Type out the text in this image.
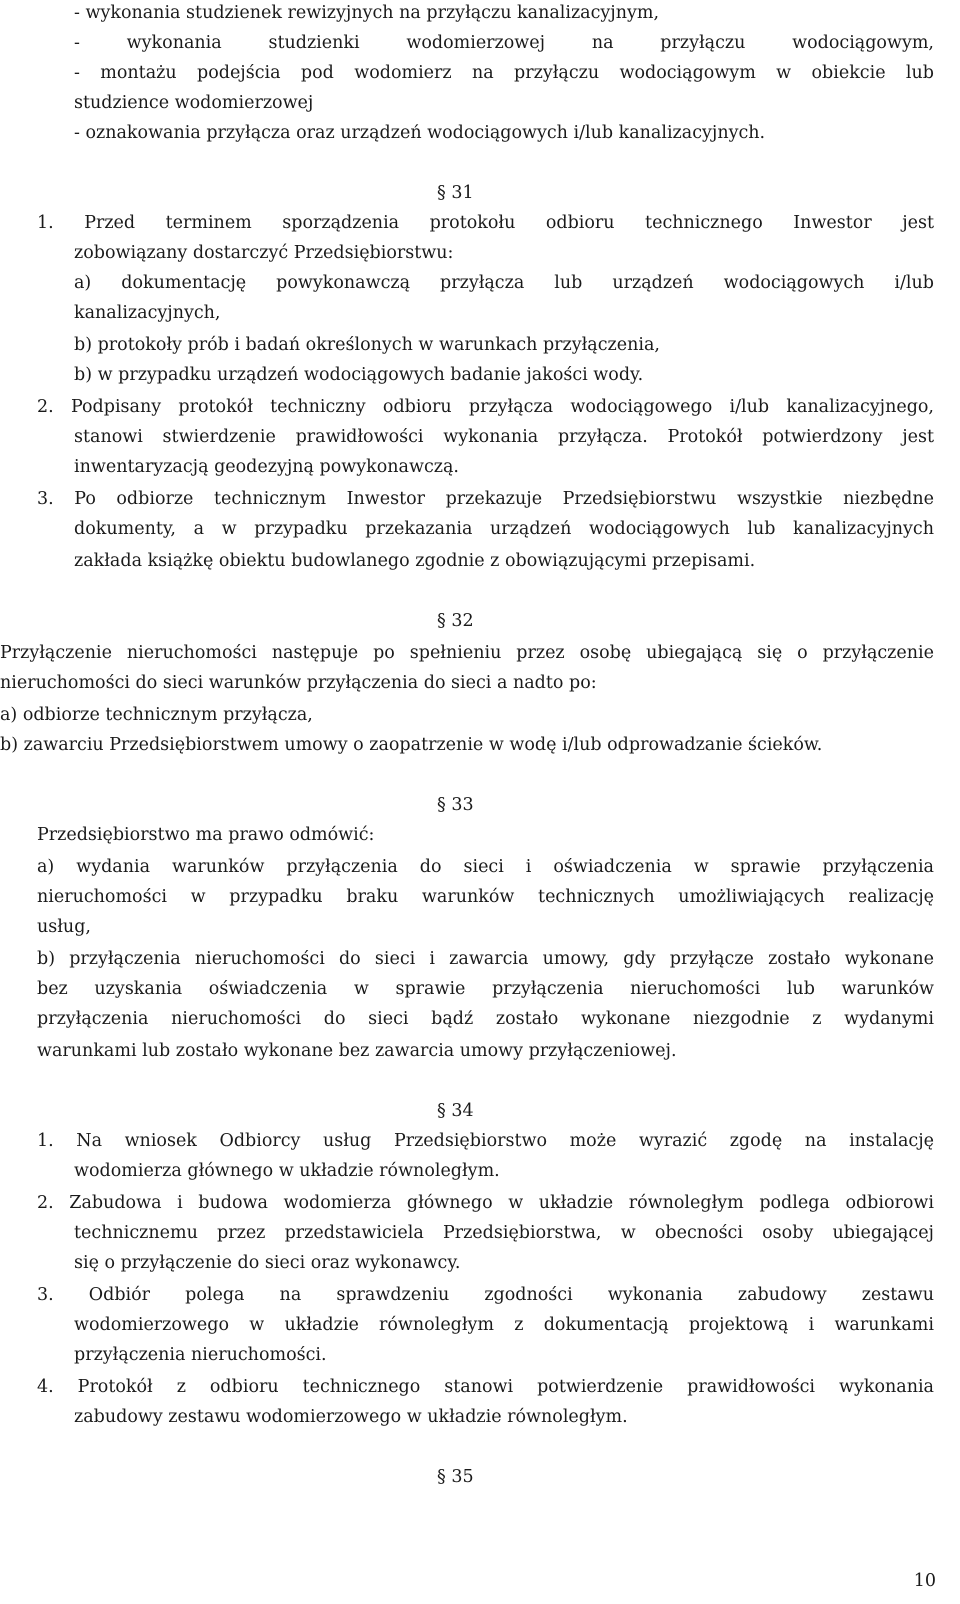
- wykonania studzienek rewizyjnych na przyłączu kanalizacyjnym,
- wykonania studzienki wodomierzowej na przyłączu wodociągowym,
- montażu podejścia pod wodomierz na przyłączu wodociągowym w obiekcie lub
studzience wodomierzowej
- oznakowania przyłącza oraz urządzeń wodociągowych i/lub kanalizacyjnych.
§ 31
1. Przed terminem sporządzenia protokołu odbioru technicznego Inwestor jest
zobowiązany dostarczyć Przedsiębiorstwu:
a) dokumentację powykonawczą przyłącza lub urządzeń wodociągowych i/lub
kanalizacyjnych,
b) protokoły prób i badań określonych w warunkach przyłączenia,
b) w przypadku urządzeń wodociągowych badanie jakości wody.
2. Podpisany protokół techniczny odbioru przyłącza wodociągowego i/lub kanalizacyjnego,
stanowi stwierdzenie prawidłowości wykonania przyłącza. Protokół potwierdzony jest
inwentaryzacją geodezyjną powykonawczą.
3. Po odbiorze technicznym Inwestor przekazuje Przedsiębiorstwu wszystkie niezbędne
dokumenty, a w przypadku przekazania urządzeń wodociągowych lub kanalizacyjnych
zakłada książkę obiektu budowlanego zgodnie z obowiązującymi przepisami.
§ 32
Przyłączenie nieruchomości następuje po spełnieniu przez osobę ubiegającą się o przyłączenie
nieruchomości do sieci warunków przyłączenia do sieci a nadto po:
a) odbiorze technicznym przyłącza,
b) zawarciu Przedsiębiorstwem umowy o zaopatrzenie w wodę i/lub odprowadzanie ścieków.
§ 33
Przedsiębiorstwo ma prawo odmówić:
a) wydania warunków przyłączenia do sieci i oświadczenia w sprawie przyłączenia
nieruchomości w przypadku braku warunków technicznych umożliwiających realizację
usług,
b) przyłączenia nieruchomości do sieci i zawarcia umowy, gdy przyłącze zostało wykonane
bez uzyskania oświadczenia w sprawie przyłączenia nieruchomości lub warunków
przyłączenia nieruchomości do sieci bądź zostało wykonane niezgodnie z wydanymi
warunkami lub zostało wykonane bez zawarcia umowy przyłączeniowej.
§ 34
1. Na wniosek Odbiorcy usług Przedsiębiorstwo może wyrazić zgodę na instalację
wodomierza głównego w układzie równoległym.
2. Zabudowa i budowa wodomierza głównego w układzie równoległym podlega odbiorowi
technicznemu przez przedstawiciela Przedsiębiorstwa, w obecności osoby ubiegającej
się o przyłączenie do sieci oraz wykonawcy.
3. Odbiór polega na sprawdzeniu zgodności wykonania zabudowy zestawu
wodomierzowego w układzie równoległym z dokumentacją projektową i warunkami
przyłączenia nieruchomości.
4. Protokół z odbioru technicznego stanowi potwierdzenie prawidłowości wykonania
zabudowy zestawu wodomierzowego w układzie równoległym.
§ 35
10
